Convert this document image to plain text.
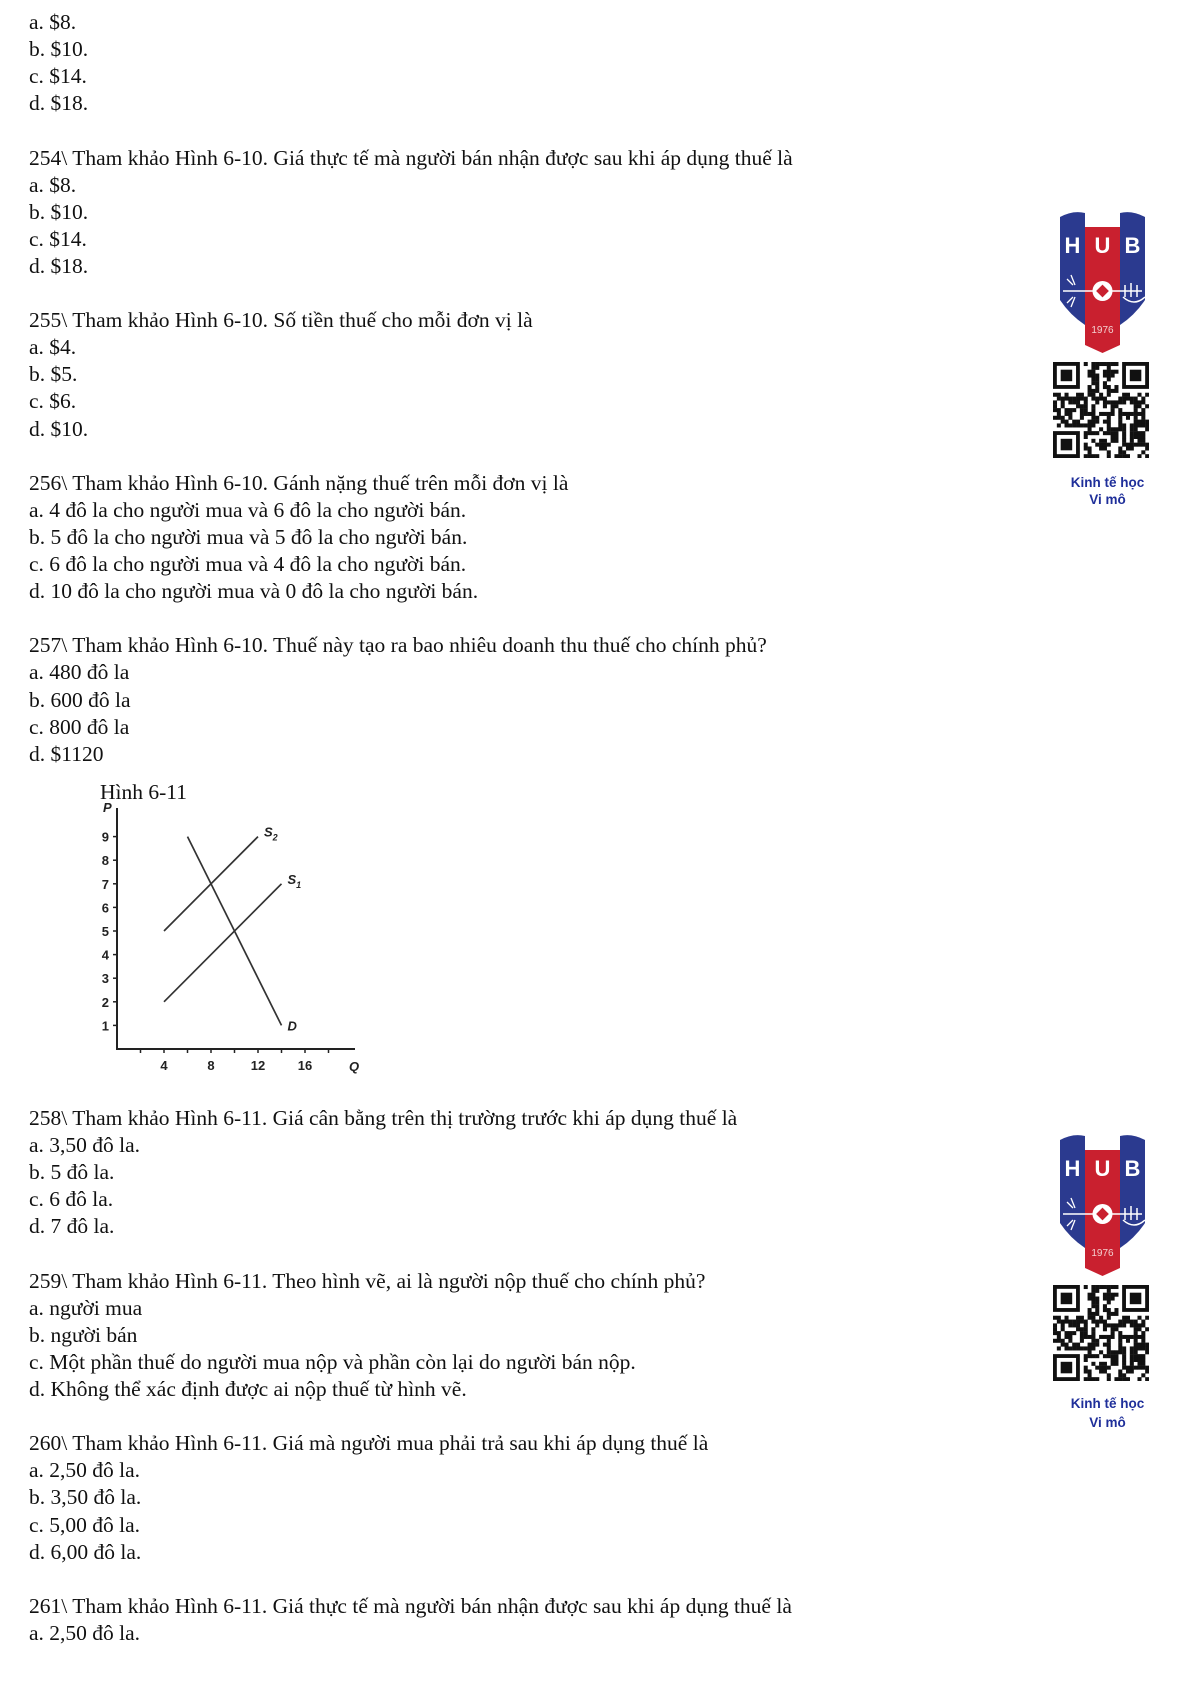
a. $8.
b. $10.
c. $14.
d. $18.
254\ Tham khảo Hình 6-10. Giá thực tế mà người bán nhận được sau khi áp dụng thuế là
a. $8.
b. $10.
c. $14.
d. $18.
255\ Tham khảo Hình 6-10. Số tiền thuế cho mỗi đơn vị là
a. $4.
b. $5.
c. $6.
d. $10.
256\ Tham khảo Hình 6-10. Gánh nặng thuế trên mỗi đơn vị là
a. 4 đô la cho người mua và 6 đô la cho người bán.
b. 5 đô la cho người mua và 5 đô la cho người bán.
c. 6 đô la cho người mua và 4 đô la cho người bán.
d. 10 đô la cho người mua và 0 đô la cho người bán.
257\ Tham khảo Hình 6-10. Thuế này tạo ra bao nhiêu doanh thu thuế cho chính phủ?
a. 480 đô la
b. 600 đô la
c. 800 đô la
d. $1120
Hình 6-11
1
2
3
4
5
6
7
8
9
4	8	12	16
P
Q
$S_2$
$S_1$
D
258\ Tham khảo Hình 6-11. Giá cân bằng trên thị trường trước khi áp dụng thuế là
a. 3,50 đô la.
b. 5 đô la.
c. 6 đô la.
d. 7 đô la.
259\ Tham khảo Hình 6-11. Theo hình vẽ, ai là người nộp thuế cho chính phủ?
a. người mua
b. người bán
c. Một phần thuế do người mua nộp và phần còn lại do người bán nộp.
d. Không thể xác định được ai nộp thuế từ hình vẽ.
260\ Tham khảo Hình 6-11. Giá mà người mua phải trả sau khi áp dụng thuế là
a. 2,50 đô la.
b. 3,50 đô la.
c. 5,00 đô la.
d. 6,00 đô la.
261\ Tham khảo Hình 6-11. Giá thực tế mà người bán nhận được sau khi áp dụng thuế là
a. 2,50 đô la.
H U B
1976
Kinh tế học
Vi mô
H U B
1976
Kinh tế học
Vi mô
